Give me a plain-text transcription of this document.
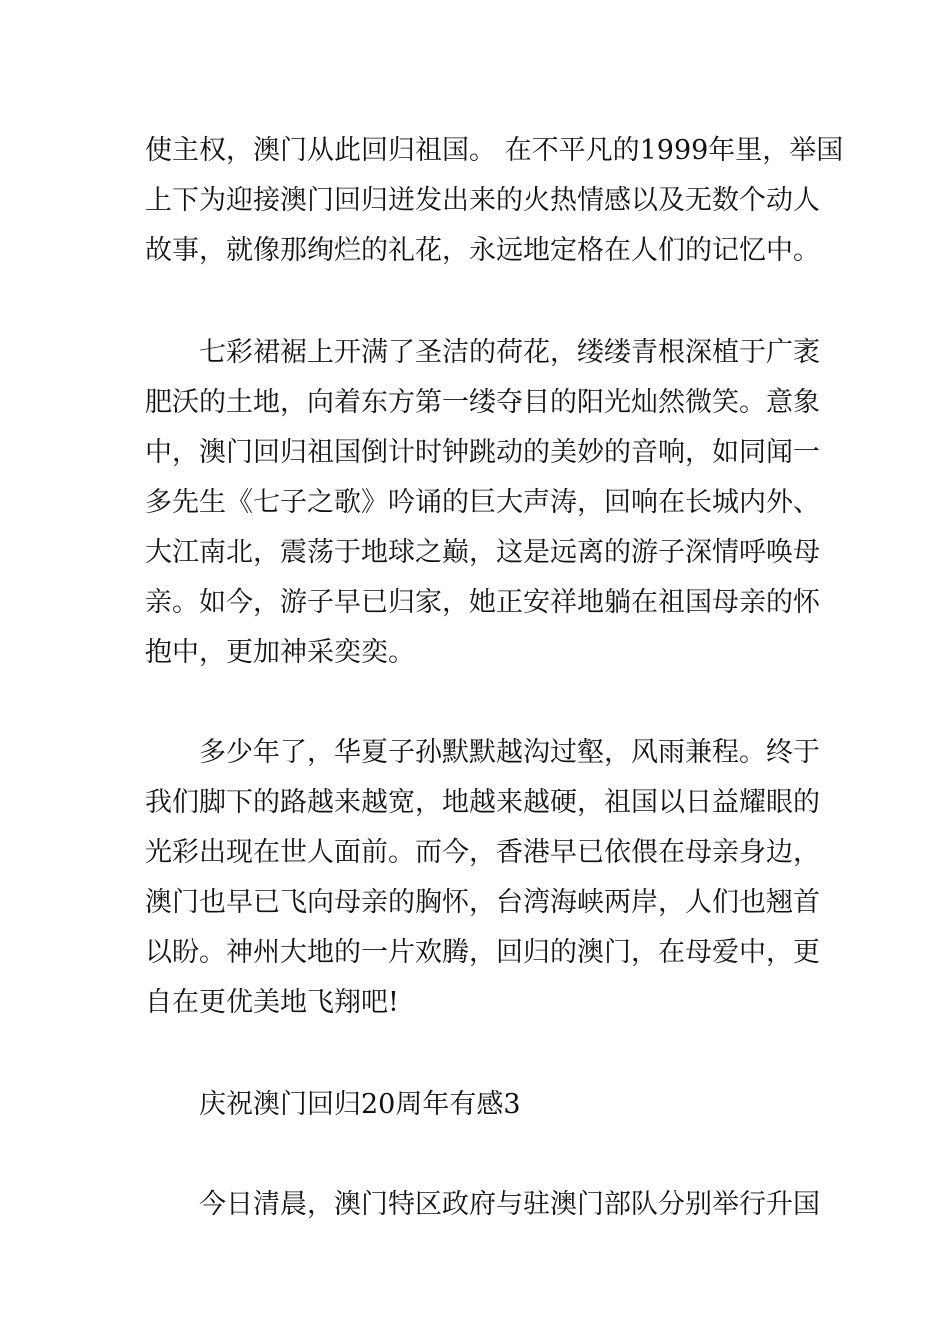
使主权，澳门从此回归祖国。 在不平凡的1999年里，举国
上下为迎接澳门回归迸发出来的火热情感以及无数个动人
故事，就像那绚烂的礼花，永远地定格在人们的记忆中。
七彩裙裾上开满了圣洁的荷花，缕缕青根深植于广袤
肥沃的土地，向着东方第一缕夺目的阳光灿然微笑。意象
中，澳门回归祖国倒计时钟跳动的美妙的音响，如同闻一
多先生《七子之歌》吟诵的巨大声涛，回响在长城内外、
大江南北，震荡于地球之巅，这是远离的游子深情呼唤母
亲。如今，游子早已归家，她正安祥地躺在祖国母亲的怀
抱中，更加神采奕奕。
多少年了，华夏子孙默默越沟过壑，风雨兼程。终于
我们脚下的路越来越宽，地越来越硬，祖国以日益耀眼的
光彩出现在世人面前。而今，香港早已依偎在母亲身边，
澳门也早已飞向母亲的胸怀，台湾海峡两岸，人们也翘首
以盼。神州大地的一片欢腾，回归的澳门，在母爱中，更
自在更优美地飞翔吧!
庆祝澳门回归20周年有感3
今日清晨，澳门特区政府与驻澳门部队分别举行升国
